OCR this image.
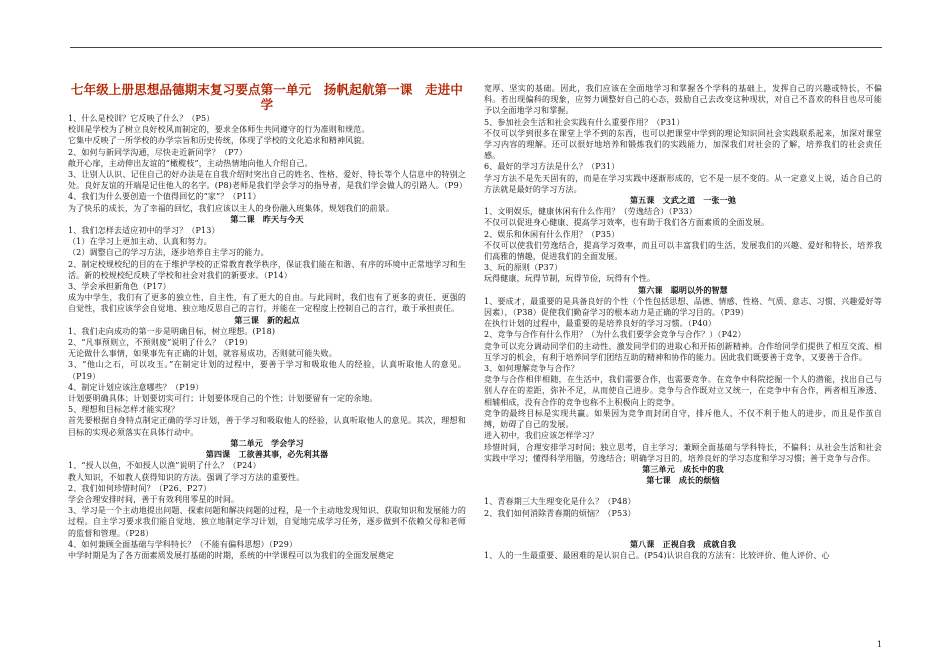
七年级上册思想品德期末复习要点第一单元　扬帆起航第一课　走进中学

1、什么是校训？它反映了什么？（P5）

校训是学校为了树立良好校风而制定的，要求全体师生共同遵守的行为准则和规范。

它集中反映了一所学校的办学宗旨和历史传统，体现了学校的文化追求和精神风貌。

2、如何与新同学沟通，尽快走近新同学？（P7）

敞开心扉，主动伸出友谊的“橄榄枝”，主动热情地向他人介绍自己。

3、让别人认识、记住自己的好办法是在自我介绍时突出自己的姓名、性格、爱好、特长等个人信息中的特别之处。良好友谊的开端是记住他人的名字。(P8)老师是我们学会学习的指导者，是我们学会做人的引路人。（P9）

4、我们为什么要创造一个值得回忆的“家”？（P11）

为了快乐的成长，为了幸福的回忆，我们应该以主人的身份融入班集体，规划我们的前景。

第二课　昨天与今天

1、我们怎样去适应初中的学习？（P13）

（1）在学习上更加主动、认真和努力。

（2）调整自己的学习方法，逐步培养自主学习的能力。

2、制定校规校纪的目的在于维护学校的正常教育教学秩序，保证我们能在和谐、有序的环境中正常地学习和生活。新的校规校纪反映了学校和社会对我们的新要求。（P14）

3、学会承担新角色（P17）

成为中学生，我们有了更多的独立性、自主性，有了更大的自由。与此同时，我们也有了更多的责任、更强的自觉性，我们应该学会自觉地、独立地反思自己的言行，并能在一定程度上控制自己的言行，敢于承担责任。

第三课　新的起点

1、我们走向成功的第一步是明确目标，树立理想。(P18)

2、“凡事预则立，不预则废”说明了什么？（P19）

无论做什么事情，如果事先有正确的计划，就容易成功，否则就可能失败。

3、“他山之石，可以攻玉。”在制定计划的过程中，要善于学习和吸取他人的经验，认真听取他人的意见。（P19）

4、制定计划应该注意哪些？（P19）

计划要明确具体；计划要切实可行；计划要体现自己的个性；计划要留有一定的余地。

5、理想和目标怎样才能实现？

首先要根据自身特点制定正确的学习计划，善于学习和吸取他人的经验，认真听取他人的意见。其次，理想和目标的实现必须落实在具体行动中。

第二单元　学会学习

第四课　工欲善其事，必先利其器

1、“授人以鱼，不如授人以渔”说明了什么？（P24）

教人知识，不如教人获得知识的方法。强调了学习方法的重要性。

2、我们如何珍惜时间？（P26、P27）

学会合理安排时间，善于有效利用零星的时间。

3、学习是一个主动地提出问题、探索问题和解决问题的过程，是一个主动地发现知识、获取知识和发展能力的过程。自主学习要求我们能自觉地、独立地制定学习计划，自觉地完成学习任务，逐步做到不依赖父母和老师的监督和管理。（P28）

4、如何兼顾全面基础与学科特长？（不能有偏科思想）（P29）

中学时期是为了各方面素质发展打基础的时期，系统的中学课程可以为我们的全面发展奠定

宽厚、坚实的基础。因此，我们应该在全面地学习和掌握各个学科的基础上，发挥自己的兴趣或特长，不偏科。若出现偏科的现象，应努力调整好自己的心态，鼓励自己去改变这种现状，对自己不喜欢的科目也尽可能予以全面地学习和掌握。

5、参加社会生活和社会实践有什么重要作用？（P31）

不仅可以学到很多在课堂上学不到的东西，也可以把课堂中学到的理论知识同社会实践联系起来，加深对课堂学习内容的理解。还可以很好地培养和锻炼我们的实践能力，加深我们对社会的了解，培养我们的社会责任感。

6、最好的学习方法是什么？（P31）

学习方法不是先天固有的，而是在学习实践中逐渐形成的，它不是一层不变的。从一定意义上说，适合自己的方法就是最好的学习方法。

第五课　文武之道　一张一弛

1、文明娱乐，健康休闲有什么作用？（劳逸结合）（P33）

不仅可以促进身心健康、提高学习效率，也有助于我们各方面素质的全面发展。

2、娱乐和休闲有什么作用？（P35）

不仅可以使我们劳逸结合，提高学习效率，而且可以丰富我们的生活，发展我们的兴趣、爱好和特长，培养我们高雅的情趣，促进我们的全面发展。

3、玩的原则（P37）

玩得健康，玩得节制，玩得节俭，玩得有个性。

第六课　聪明以外的智慧

1、要成才，最重要的是具备良好的个性（个性包括思想、品德、情感、性格、气质、意志、习惯、兴趣爱好等因素），（P38）促使我们勤奋学习的根本动力是正确的学习目的。（P39）

在执行计划的过程中，最重要的是培养良好的学习习惯。（P40）

2、竞争与合作有什么作用？（为什么我们要学会竞争与合作？）（P42）

竞争可以充分调动同学们的主动性、激发同学们的进取心和开拓创新精神。合作给同学们提供了相互交流、相互学习的机会，有利于培养同学们团结互助的精神和协作的能力。因此我们既要善于竞争，又要善于合作。

3、如何理解竞争与合作？

竞争与合作相伴相随，在生活中，我们需要合作，也需要竞争。在竞争中科院挖掘一个人的潜能，找出自己与别人存在的差距，弥补不足，从而使自己进步。竞争与合作既对立又统一，在竞争中有合作，两者相互渗透、相辅相成，没有合作的竞争也称不上积极向上的竞争。

竞争的最终目标是实现共赢。如果因为竞争而封闭自守，排斥他人，不仅不利于他人的进步，而且是作茧自缚，妨碍了自己的发展。

进入初中，我们应该怎样学习？

珍惜时间，合理安排学习时间；独立思考，自主学习；兼顾全面基础与学科特长，不偏科；从社会生活和社会实践中学习；懂得科学用脑，劳逸结合；明确学习目的，培养良好的学习态度和学习习惯；善于竞争与合作。

第三单元　成长中的我

第七课　成长的烦恼

1、青春期三大生理变化是什么？（P48）

2、我们如何消除青春期的烦恼？（P53）

第八课　正视自我　成就自我

1、人的一生最重要、最困难的是认识自己。(P54)认识自我的方法有：比较评价、他人评价、心

1
